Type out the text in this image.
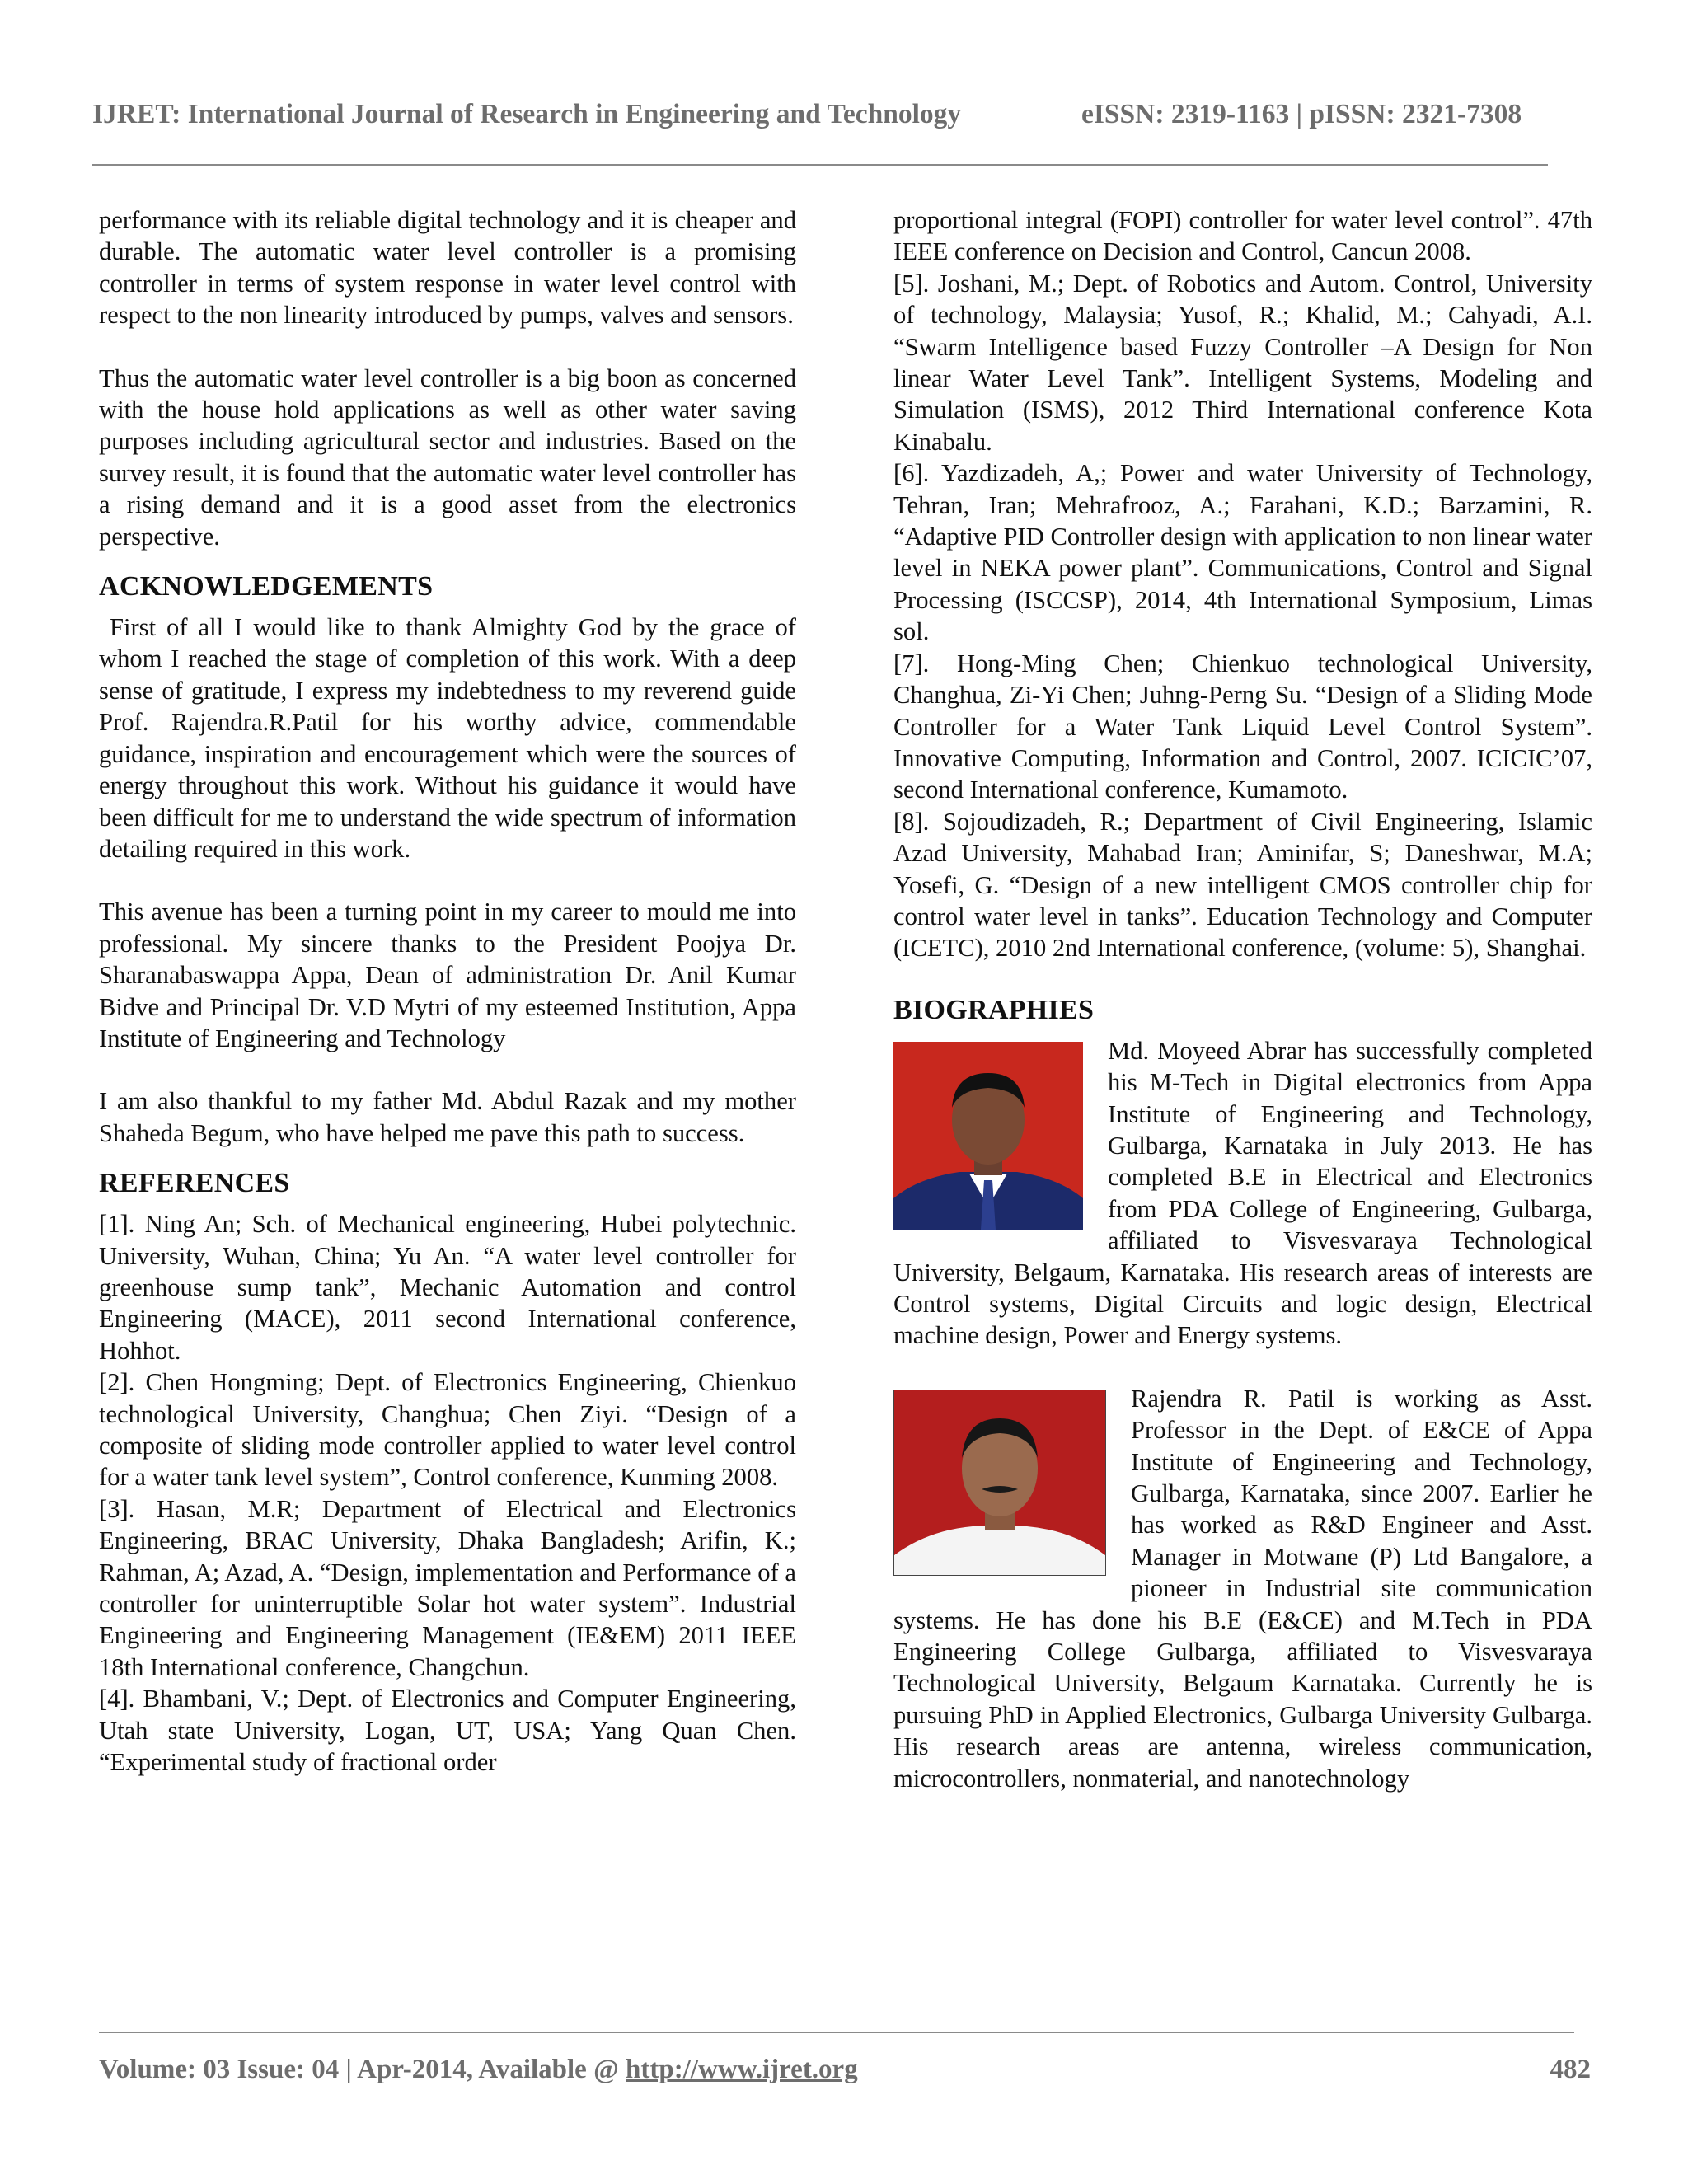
IJRET: International Journal of Research in Engineering and Technology	eISSN: 2319-1163 | pISSN: 2321-7308

performance with its reliable digital technology and it is cheaper and durable. The automatic water level controller is a promising controller in terms of system response in water level control with respect to the non linearity introduced by pumps, valves and sensors.

Thus the automatic water level controller is a big boon as concerned with the house hold applications as well as other water saving purposes including agricultural sector and industries. Based on the survey result, it is found that the automatic water level controller has a rising demand and it is a good asset from the electronics perspective.

ACKNOWLEDGEMENTS

First of all I would like to thank Almighty God by the grace of whom I reached the stage of completion of this work. With a deep sense of gratitude, I express my indebtedness to my reverend guide Prof. Rajendra.R.Patil for his worthy advice, commendable guidance, inspiration and encouragement which were the sources of energy throughout this work. Without his guidance it would have been difficult for me to understand the wide spectrum of information detailing required in this work.

This avenue has been a turning point in my career to mould me into professional. My sincere thanks to the President Poojya Dr. Sharanabaswappa Appa, Dean of administration Dr. Anil Kumar Bidve and Principal Dr. V.D Mytri of my esteemed Institution, Appa Institute of Engineering and Technology

I am also thankful to my father Md. Abdul Razak and my mother Shaheda Begum, who have helped me pave this path to success.

REFERENCES

[1]. Ning An; Sch. of Mechanical engineering, Hubei polytechnic. University, Wuhan, China; Yu An. “A water level controller for greenhouse sump tank”, Mechanic Automation and control Engineering (MACE), 2011 second International conference, Hohhot.

[2]. Chen Hongming; Dept. of Electronics Engineering, Chienkuo technological University, Changhua; Chen Ziyi. “Design of a composite of sliding mode controller applied to water level control for a water tank level system”, Control conference, Kunming 2008.

[3]. Hasan, M.R; Department of Electrical and Electronics Engineering, BRAC University, Dhaka Bangladesh; Arifin, K.; Rahman, A; Azad, A. “Design, implementation and Performance of a controller for uninterruptible Solar hot water system”. Industrial Engineering and Engineering Management (IE&EM) 2011 IEEE 18th International conference, Changchun.

[4]. Bhambani, V.; Dept. of Electronics and Computer Engineering, Utah state University, Logan, UT, USA; Yang Quan Chen. “Experimental study of fractional order

proportional integral (FOPI) controller for water level control”. 47th IEEE conference on Decision and Control, Cancun 2008.

[5]. Joshani, M.; Dept. of Robotics and Autom. Control, University of technology, Malaysia; Yusof, R.; Khalid, M.; Cahyadi, A.I. “Swarm Intelligence based Fuzzy Controller –A Design for Non linear Water Level Tank”. Intelligent Systems, Modeling and Simulation (ISMS), 2012 Third International conference Kota Kinabalu.

[6]. Yazdizadeh, A,; Power and water University of Technology, Tehran, Iran; Mehrafrooz, A.; Farahani, K.D.; Barzamini, R. “Adaptive PID Controller design with application to non linear water level in NEKA power plant”. Communications, Control and Signal Processing (ISCCSP), 2014, 4th International Symposium, Limas sol.

[7]. Hong-Ming Chen; Chienkuo technological University, Changhua, Zi-Yi Chen; Juhng-Perng Su. “Design of a Sliding Mode Controller for a Water Tank Liquid Level Control System”. Innovative Computing, Information and Control, 2007. ICICIC’07, second International conference, Kumamoto.

[8]. Sojoudizadeh, R.; Department of Civil Engineering, Islamic Azad University, Mahabad Iran; Aminifar, S; Daneshwar, M.A; Yosefi, G. “Design of a new intelligent CMOS controller chip for control water level in tanks”. Education Technology and Computer (ICETC), 2010 2nd International conference, (volume: 5), Shanghai.

BIOGRAPHIES

Md. Moyeed Abrar has successfully completed his M-Tech in Digital electronics from Appa Institute of Engineering and Technology, Gulbarga, Karnataka in July 2013. He has completed B.E in Electrical and Electronics from PDA College of Engineering, Gulbarga, affiliated to Visvesvaraya Technological University, Belgaum, Karnataka. His research areas of interests are Control systems, Digital Circuits and logic design, Electrical machine design, Power and Energy systems.

Rajendra R. Patil is working as Asst. Professor in the Dept. of E&CE of Appa Institute of Engineering and Technology, Gulbarga, Karnataka, since 2007. Earlier he has worked as R&D Engineer and Asst. Manager in Motwane (P) Ltd Bangalore, a pioneer in Industrial site communication systems. He has done his B.E (E&CE) and M.Tech in PDA Engineering College Gulbarga, affiliated to Visvesvaraya Technological University, Belgaum Karnataka. Currently he is pursuing PhD in Applied Electronics, Gulbarga University Gulbarga. His research areas are antenna, wireless communication, microcontrollers, nonmaterial, and nanotechnology

Volume: 03 Issue: 04 | Apr-2014, Available @ http://www.ijret.org	482
